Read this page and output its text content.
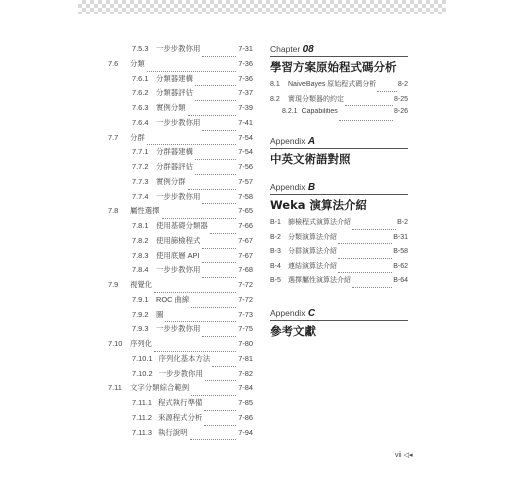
7.5.3 一步步教你用	7-31
7.6	分類	7-36
7.6.1 分類器建構	7-36
7.6.2 分類器評估	7-37
7.6.3 實例分類	7-39
7.6.4 一步步教你用	7-41
7.7	分群	7-54
7.7.1 分群器建構	7-54
7.7.2 分群器評估	7-56
7.7.3 實例分群	7-57
7.7.4 一步步教你用	7-58
7.8	屬性選擇	7-65
7.8.1 使用基礎分類器	7-66
7.8.2 使用篩檢程式	7-67
7.8.3 使用底層 API	7-67
7.8.4 一步步教你用	7-68
7.9	視覺化	7-72
7.9.1 ROC 曲線	7-72
7.9.2 圖	7-73
7.9.3 一步步教你用	7-75
7.10 序列化	7-80
7.10.1 序列化基本方法	7-81
7.10.2 一步步教你用	7-82
7.11 文字分類綜合範例	7-84
7.11.1 程式執行準備	7-85
7.11.2 來源程式分析	7-86
7.11.3 執行說明	7-94
Chapter 08
學習方案原始程式碼分析
8.1	NaiveBayes 原始程式碼分析	8-2
8.2	實現分類器的約定	8-25
8.2.1 Capabilities	8-26
Appendix A
中英文術語對照
Appendix B
Weka 演算法介紹
B-1	篩檢程式演算法介紹	B-2
B-2	分類演算法介紹	B-31
B-3	分群演算法介紹	B-58
B-4	連結演算法介紹	B-62
B-5	選擇屬性演算法介紹	B-64
Appendix C
參考文獻
vii ◁◂
